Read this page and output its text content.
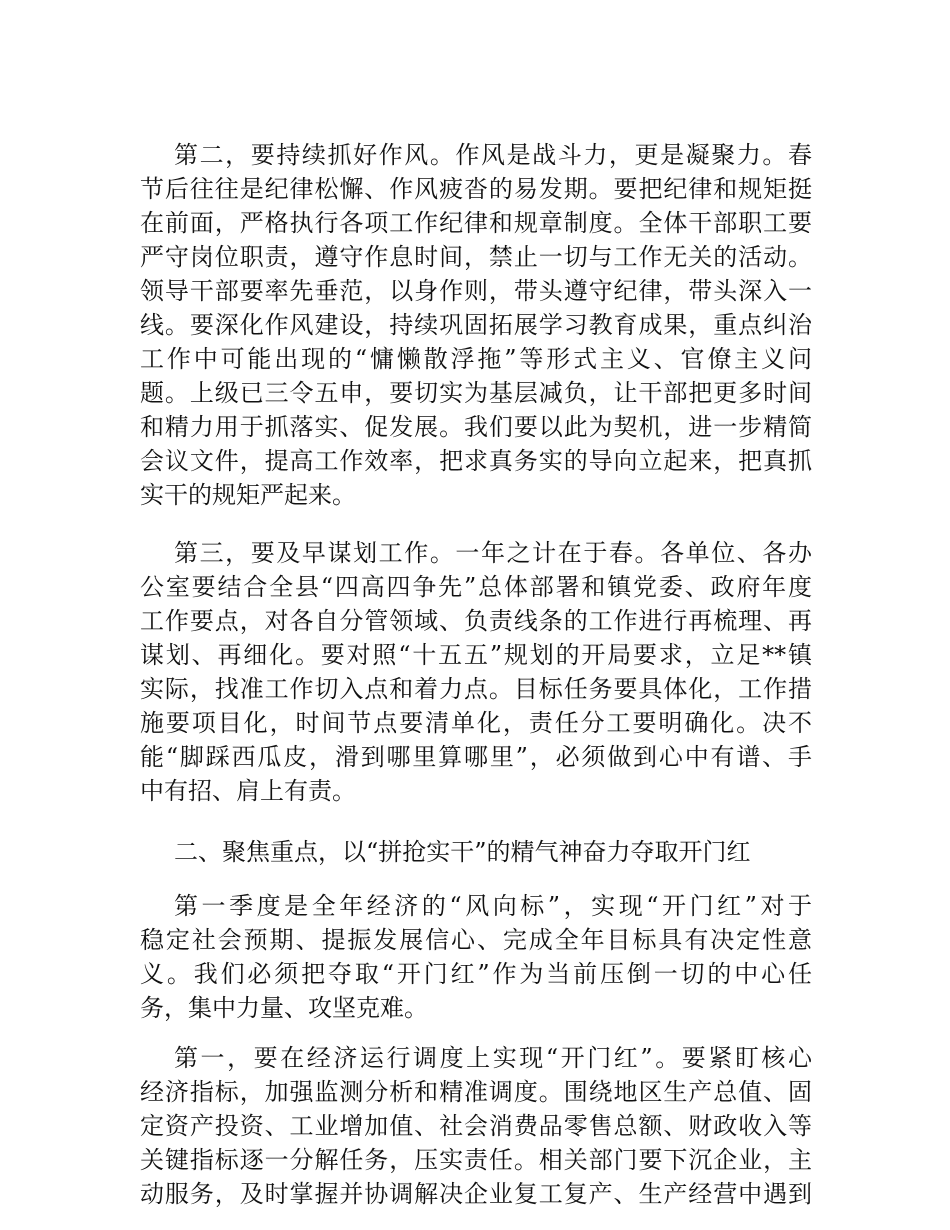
第二，要持续抓好作风。作风是战斗力，更是凝聚力。春
节后往往是纪律松懈、作风疲沓的易发期。要把纪律和规矩挺
在前面，严格执行各项工作纪律和规章制度。全体干部职工要
严守岗位职责，遵守作息时间，禁止一切与工作无关的活动。
领导干部要率先垂范，以身作则，带头遵守纪律，带头深入一
线。要深化作风建设，持续巩固拓展学习教育成果，重点纠治
工作中可能出现的“慵懒散浮拖”等形式主义、官僚主义问
题。上级已三令五申，要切实为基层减负，让干部把更多时间
和精力用于抓落实、促发展。我们要以此为契机，进一步精简
会议文件，提高工作效率，把求真务实的导向立起来，把真抓
实干的规矩严起来。
第三，要及早谋划工作。一年之计在于春。各单位、各办
公室要结合全县“四高四争先”总体部署和镇党委、政府年度
工作要点，对各自分管领域、负责线条的工作进行再梳理、再
谋划、再细化。要对照“十五五”规划的开局要求，立足**镇
实际，找准工作切入点和着力点。目标任务要具体化，工作措
施要项目化，时间节点要清单化，责任分工要明确化。决不
能“脚踩西瓜皮，滑到哪里算哪里”，必须做到心中有谱、手
中有招、肩上有责。
二、聚焦重点，以“拼抢实干”的精气神奋力夺取开门红
第一季度是全年经济的“风向标”，实现“开门红”对于
稳定社会预期、提振发展信心、完成全年目标具有决定性意
义。我们必须把夺取“开门红”作为当前压倒一切的中心任
务，集中力量、攻坚克难。
第一，要在经济运行调度上实现“开门红”。要紧盯核心
经济指标，加强监测分析和精准调度。围绕地区生产总值、固
定资产投资、工业增加值、社会消费品零售总额、财政收入等
关键指标逐一分解任务，压实责任。相关部门要下沉企业，主
动服务，及时掌握并协调解决企业复工复产、生产经营中遇到
